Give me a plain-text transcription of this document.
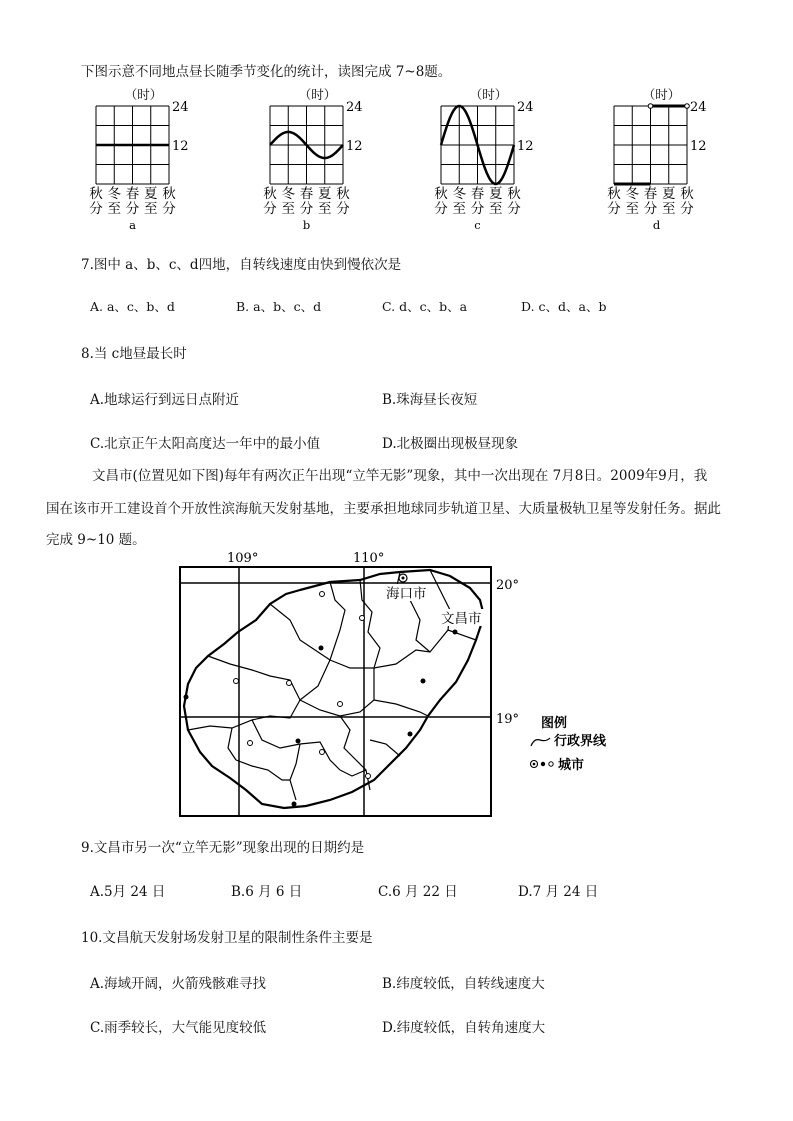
下图示意不同地点昼长随季节变化的统计，读图完成 7~8题。
（时）
24
12
秋
分
冬
至
春
分
夏
至
秋
分
a
（时）
24
12
秋
分
冬
至
春
分
夏
至
秋
分
b
（时）
24
12
秋
分
冬
至
春
分
夏
至
秋
分
c
（时）
24
12
秋
分
冬
至
春
分
夏
至
秋
分
d
7.图中 a、b、c、d四地，自转线速度由快到慢依次是
A. a、c、b、d	B. a、b、c、d	C. d、c、b、a	D. c、d、a、b
8.当 c地昼最长时
A.地球运行到远日点附近	B.珠海昼长夜短
C.北京正午太阳高度达一年中的最小值	D.北极圈出现极昼现象
文昌市(位置见如下图)每年有两次正午出现“立竿无影”现象，其中一次出现在 7月8日。2009年9月，我
国在该市开工建设首个开放性滨海航天发射基地，主要承担地球同步轨道卫星、大质量极轨卫星等发射任务。据此
完成 9~10 题。
109°	110°
20°
19°
海口市
文昌市
图例
行政界线
城市
9.文昌市另一次“立竿无影”现象出现的日期约是
A.5月 24 日	B.6 月 6 日	C.6 月 22 日	D.7 月 24 日
10.文昌航天发射场发射卫星的限制性条件主要是
A.海域开阔，火箭残骸难寻找	B.纬度较低，自转线速度大
C.雨季较长，大气能见度较低	D.纬度较低，自转角速度大
